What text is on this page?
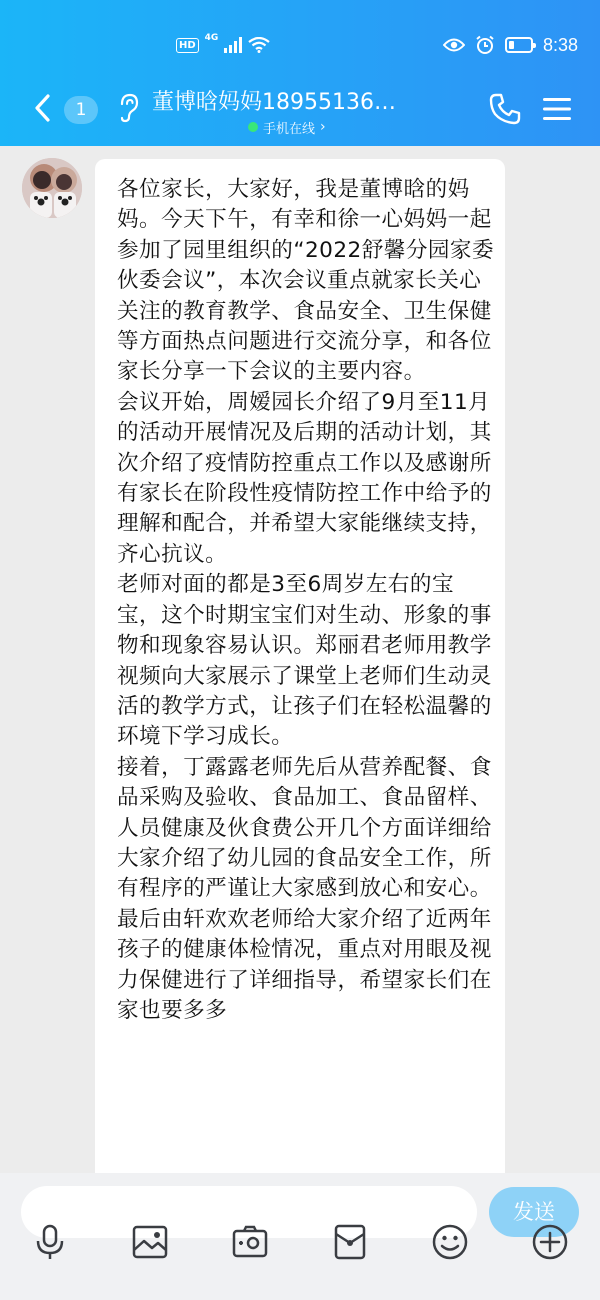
HD
4G	8:38
1	董博晗妈妈18955136…
手机在线 ›

各位家长，大家好，我是董博晗的妈妈。今天下午，有幸和徐一心妈妈一起参加了园里组织的“2022舒馨分园家委伙委会议”，本次会议重点就家长关心关注的教育教学、食品安全、卫生保健等方面热点问题进行交流分享，和各位家长分享一下会议的主要内容。

会议开始，周嫒园长介绍了9月至11月的活动开展情况及后期的活动计划，其次介绍了疫情防控重点工作以及感谢所有家长在阶段性疫情防控工作中给予的理解和配合，并希望大家能继续支持，齐心抗议。

老师对面的都是3至6周岁左右的宝宝，这个时期宝宝们对生动、形象的事物和现象容易认识。郑丽君老师用教学视频向大家展示了课堂上老师们生动灵活的教学方式，让孩子们在轻松温馨的环境下学习成长。

接着，丁露露老师先后从营养配餐、食品采购及验收、食品加工、食品留样、人员健康及伙食费公开几个方面详细给大家介绍了幼儿园的食品安全工作，所有程序的严谨让大家感到放心和安心。

最后由轩欢欢老师给大家介绍了近两年孩子的健康体检情况，重点对用眼及视力保健进行了详细指导，希望家长们在家也要多多

发送
